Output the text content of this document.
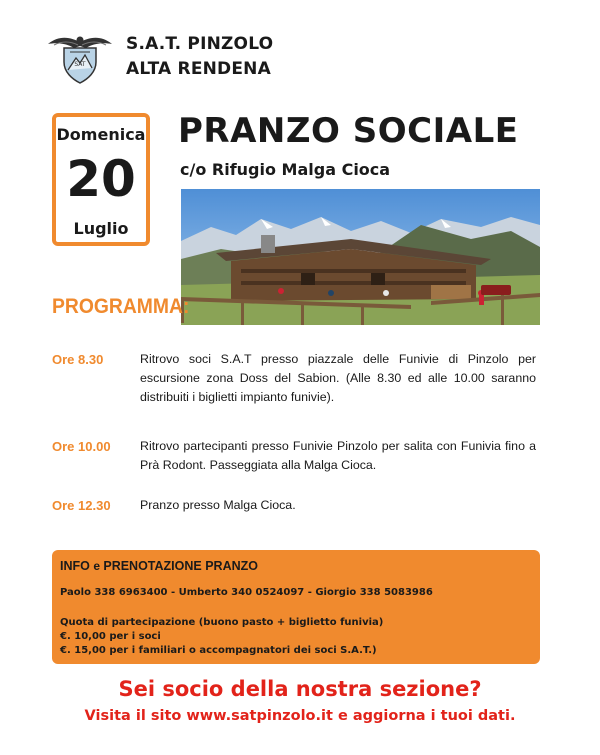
SAT
S.A.T. PINZOLO
ALTA RENDENA
Domenica
20
Luglio
PRANZO SOCIALE
c/o Rifugio Malga Cioca
PROGRAMMA:
Ore 8.30	Ritrovo soci S.A.T presso piazzale delle Funivie di Pinzolo per escursione zona Doss del Sabion. (Alle 8.30 ed alle 10.00 saranno distribuiti i biglietti impianto funivie).
Ore 10.00 Ritrovo partecipanti presso Funivie Pinzolo per salita con Funivia fino a Prà Rodont. Passeggiata alla Malga Cioca.
Ore 12.30 Pranzo presso Malga Cioca.
INFO e PRENOTAZIONE PRANZO
Paolo 338 6963400 - Umberto 340 0524097 - Giorgio 338 5083986
Quota di partecipazione (buono pasto + biglietto funivia)
€. 10,00 per i soci
€. 15,00 per i familiari o accompagnatori dei soci S.A.T.)
Sei socio della nostra sezione?
Visita il sito www.satpinzolo.it e aggiorna i tuoi dati.
